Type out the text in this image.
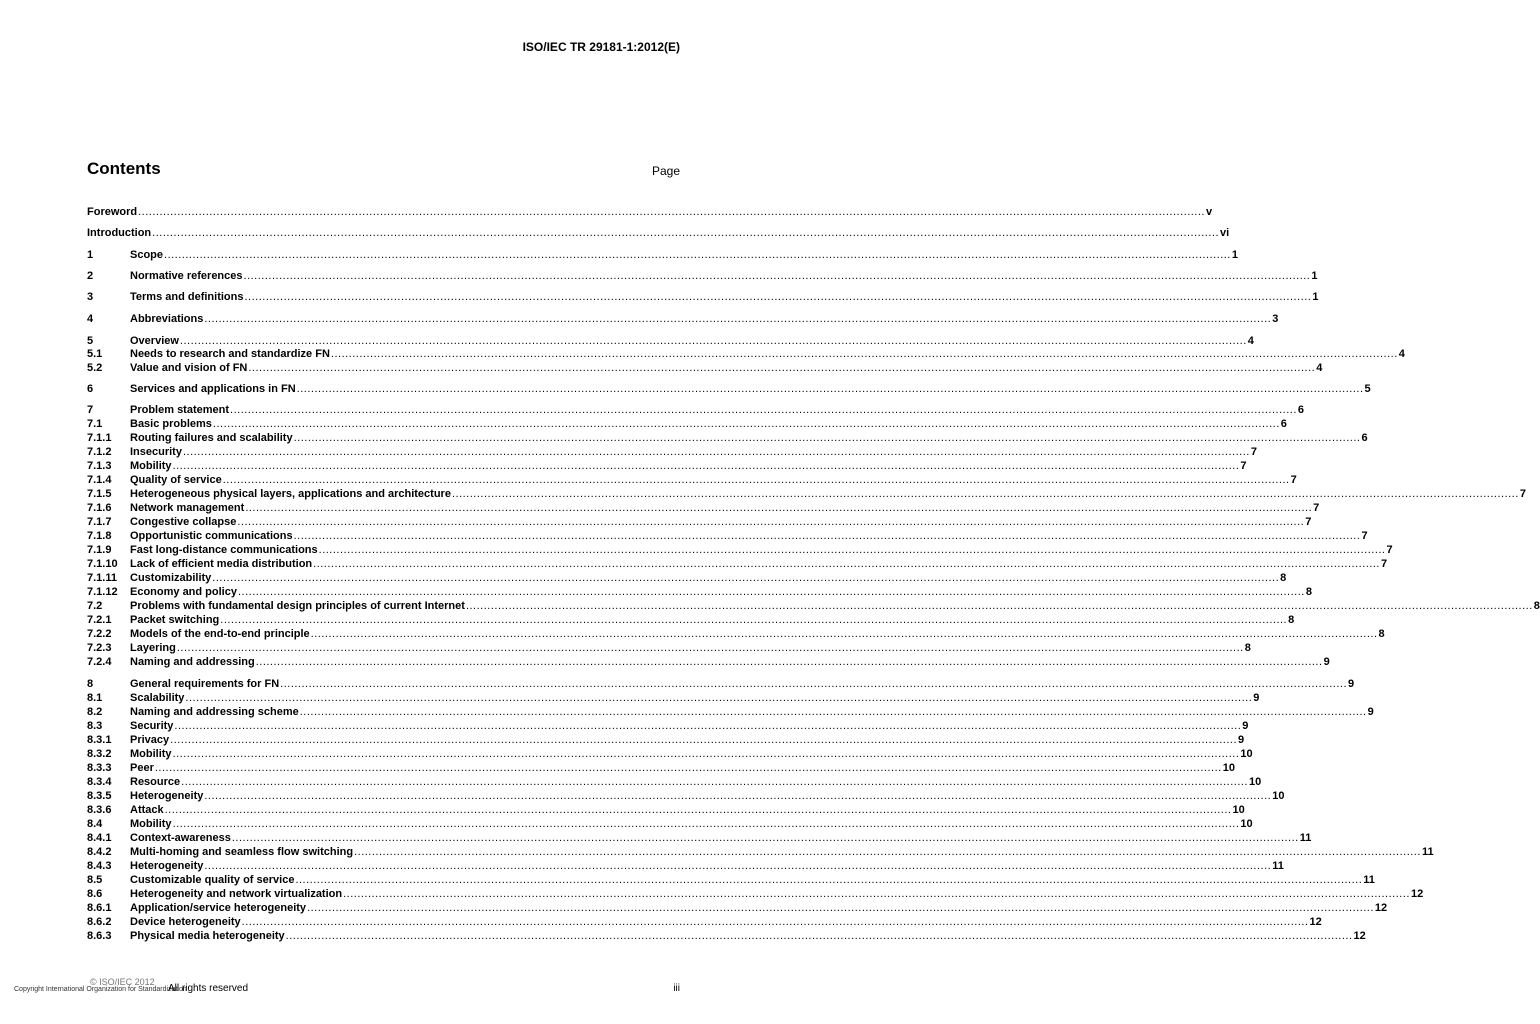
ISO/IEC TR 29181-1:2012(E)
Contents	Page
Foreword ............................................................................................................................................................................................................................................................................................................ v
Introduction ............................................................................................................................................................................................................................................................................................................ vi
1	Scope ............................................................................................................................................................................................................................................................................................................ 1
2	Normative references ............................................................................................................................................................................................................................................................................................................ 1
3	Terms and definitions ............................................................................................................................................................................................................................................................................................................ 1
4	Abbreviations ............................................................................................................................................................................................................................................................................................................ 3
5	Overview ............................................................................................................................................................................................................................................................................................................ 4
5.1	Needs to research and standardize FN ............................................................................................................................................................................................................................................................................................................ 4
5.2	Value and vision of FN ............................................................................................................................................................................................................................................................................................................ 4
6	Services and applications in FN ............................................................................................................................................................................................................................................................................................................ 5
7	Problem statement ............................................................................................................................................................................................................................................................................................................ 6
7.1	Basic problems ............................................................................................................................................................................................................................................................................................................ 6
7.1.1	Routing failures and scalability ............................................................................................................................................................................................................................................................................................................ 6
7.1.2	Insecurity ............................................................................................................................................................................................................................................................................................................ 7
7.1.3	Mobility ............................................................................................................................................................................................................................................................................................................ 7
7.1.4	Quality of service ............................................................................................................................................................................................................................................................................................................ 7
7.1.5	Heterogeneous physical layers, applications and architecture ............................................................................................................................................................................................................................................................................................................ 7
7.1.6	Network management ............................................................................................................................................................................................................................................................................................................ 7
7.1.7	Congestive collapse ............................................................................................................................................................................................................................................................................................................ 7
7.1.8	Opportunistic communications ............................................................................................................................................................................................................................................................................................................ 7
7.1.9	Fast long-distance communications ............................................................................................................................................................................................................................................................................................................ 7
7.1.10	Lack of efficient media distribution ............................................................................................................................................................................................................................................................................................................ 7
7.1.11	Customizability ............................................................................................................................................................................................................................................................................................................ 8
7.1.12	Economy and policy ............................................................................................................................................................................................................................................................................................................ 8
7.2	Problems with fundamental design principles of current Internet ............................................................................................................................................................................................................................................................................................................ 8
7.2.1	Packet switching ............................................................................................................................................................................................................................................................................................................ 8
7.2.2	Models of the end-to-end principle ............................................................................................................................................................................................................................................................................................................ 8
7.2.3	Layering ............................................................................................................................................................................................................................................................................................................ 8
7.2.4	Naming and addressing ............................................................................................................................................................................................................................................................................................................ 9
8	General requirements for FN ............................................................................................................................................................................................................................................................................................................ 9
8.1	Scalability ............................................................................................................................................................................................................................................................................................................ 9
8.2	Naming and addressing scheme ............................................................................................................................................................................................................................................................................................................ 9
8.3	Security ............................................................................................................................................................................................................................................................................................................ 9
8.3.1	Privacy ............................................................................................................................................................................................................................................................................................................ 9
8.3.2	Mobility ............................................................................................................................................................................................................................................................................................................ 10
8.3.3	Peer ............................................................................................................................................................................................................................................................................................................ 10
8.3.4	Resource ............................................................................................................................................................................................................................................................................................................ 10
8.3.5	Heterogeneity ............................................................................................................................................................................................................................................................................................................ 10
8.3.6	Attack ............................................................................................................................................................................................................................................................................................................ 10
8.4	Mobility ............................................................................................................................................................................................................................................................................................................ 10
8.4.1	Context-awareness ............................................................................................................................................................................................................................................................................................................ 11
8.4.2	Multi-homing and seamless flow switching ............................................................................................................................................................................................................................................................................................................ 11
8.4.3	Heterogeneity ............................................................................................................................................................................................................................................................................................................ 11
8.5	Customizable quality of service ............................................................................................................................................................................................................................................................................................................ 11
8.6	Heterogeneity and network virtualization ............................................................................................................................................................................................................................................................................................................ 12
8.6.1	Application/service heterogeneity ............................................................................................................................................................................................................................................................................................................ 12
8.6.2	Device heterogeneity ............................................................................................................................................................................................................................................................................................................ 12
8.6.3	Physical media heterogeneity ............................................................................................................................................................................................................................................................................................................ 12
© ISO/IEC 2012
Copyright International Organization for Standardization
All rights reserved	iii
